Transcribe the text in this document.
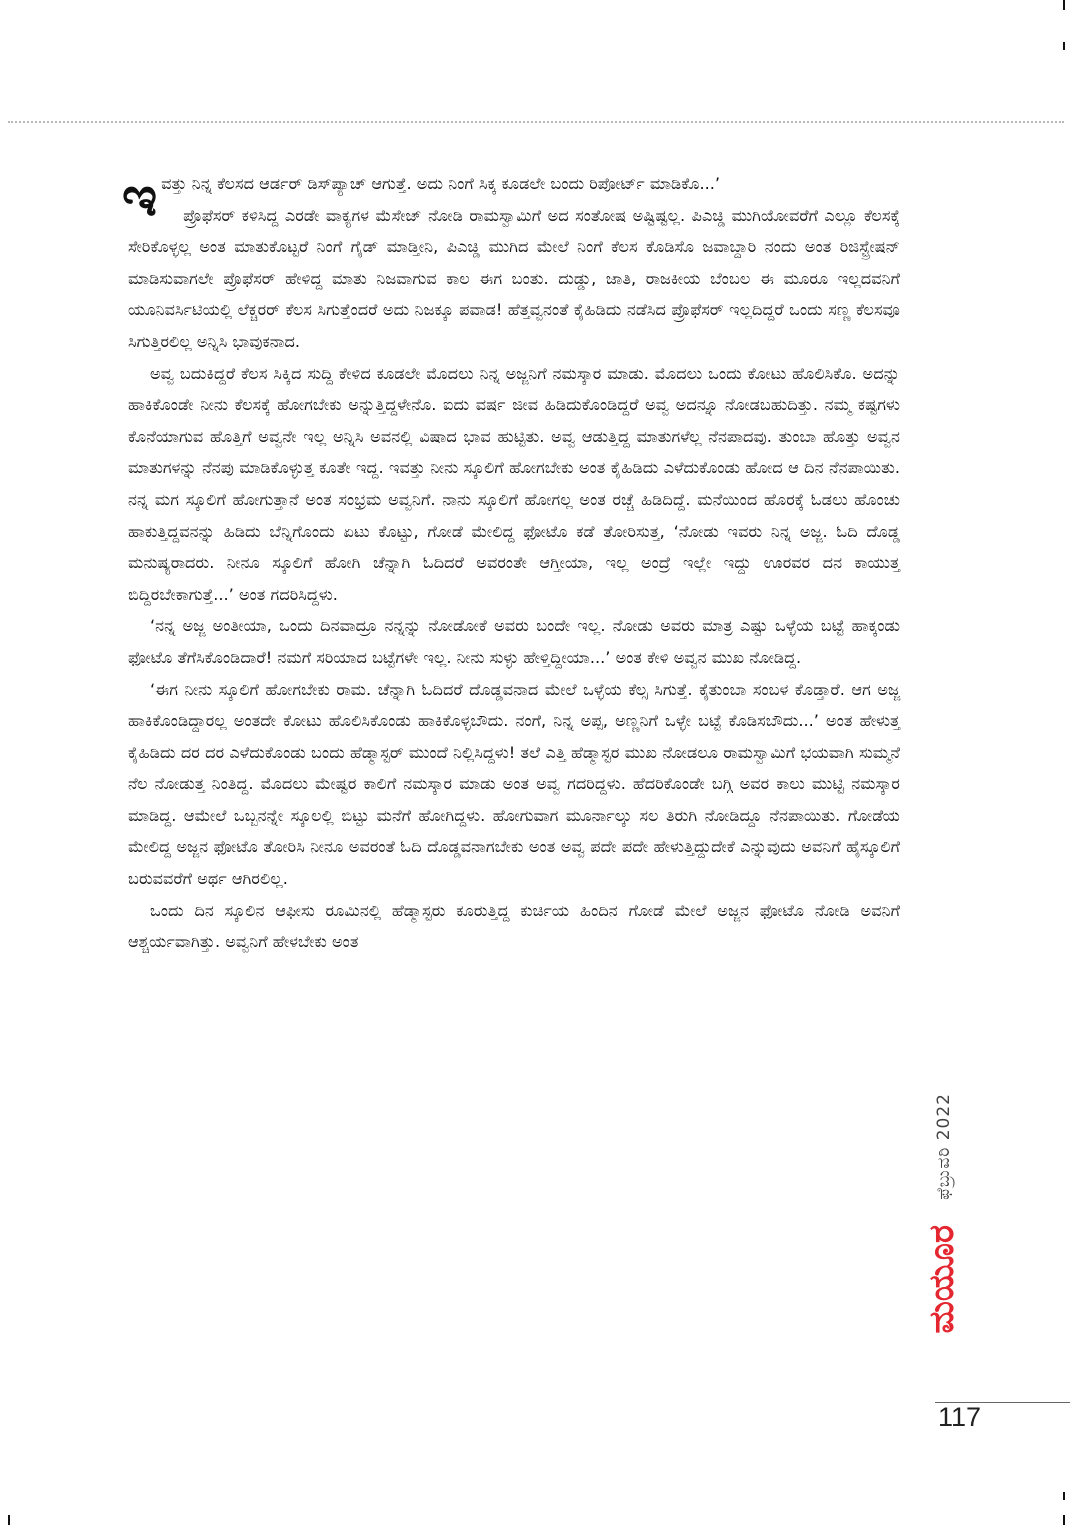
ಇವತ್ತು ನಿನ್ನ ಕೆಲಸದ ಆರ್ಡರ್ ಡಿಸ್‌ಪ್ಯಾಚ್ ಆಗುತ್ತೆ. ಅದು ನಿಂಗೆ ಸಿಕ್ಕ ಕೂಡಲೇ ಬಂದು ರಿಪೋರ್ಟ್ ಮಾಡಿಕೊ...’

ಪ್ರೊಫೆಸರ್ ಕಳಿಸಿದ್ದ ಎರಡೇ ವಾಕ್ಯಗಳ ಮೆಸೇಜ್ ನೋಡಿ ರಾಮಸ್ವಾಮಿಗೆ ಅದ ಸಂತೋಷ ಅಷ್ಟಿಷ್ಟಲ್ಲ. ಪಿಎಚ್ಡಿ ಮುಗಿಯೋವರೆಗೆ ಎಲ್ಲೂ ಕೆಲಸಕ್ಕೆ ಸೇರಿಕೊಳ್ಳಲ್ಲ ಅಂತ ಮಾತುಕೊಟ್ಟರೆ ನಿಂಗೆ ಗೈಡ್ ಮಾಡ್ತೀನಿ, ಪಿಎಚ್ಡಿ ಮುಗಿದ ಮೇಲೆ ನಿಂಗೆ ಕೆಲಸ ಕೊಡಿಸೊ ಜವಾಬ್ದಾರಿ ನಂದು ಅಂತ ರಿಜಿಸ್ಟ್ರೇಷನ್ ಮಾಡಿಸುವಾಗಲೇ ಪ್ರೊಫೆಸರ್ ಹೇಳಿದ್ದ ಮಾತು ನಿಜವಾಗುವ ಕಾಲ ಈಗ ಬಂತು. ದುಡ್ಡು, ಜಾತಿ, ರಾಜಕೀಯ ಬೆಂಬಲ ಈ ಮೂರೂ ಇಲ್ಲದವನಿಗೆ ಯೂನಿವರ್ಸಿಟಿಯಲ್ಲಿ ಲೆಕ್ಚರರ್ ಕೆಲಸ ಸಿಗುತ್ತೆಂದರೆ ಅದು ನಿಜಕ್ಕೂ ಪವಾಡ! ಹೆತ್ತವ್ವನಂತೆ ಕೈಹಿಡಿದು ನಡೆಸಿದ ಪ್ರೊಫೆಸರ್ ಇಲ್ಲದಿದ್ದರೆ ಒಂದು ಸಣ್ಣ ಕೆಲಸವೂ ಸಿಗುತ್ತಿರಲಿಲ್ಲ ಅನ್ನಿಸಿ ಭಾವುಕನಾದ.

ಅವ್ವ ಬದುಕಿದ್ದರೆ ಕೆಲಸ ಸಿಕ್ಕಿದ ಸುದ್ದಿ ಕೇಳಿದ ಕೂಡಲೇ ಮೊದಲು ನಿನ್ನ ಅಜ್ಜನಿಗೆ ನಮಸ್ಕಾರ ಮಾಡು. ಮೊದಲು ಒಂದು ಕೋಟು ಹೊಲಿಸಿಕೊ. ಅದನ್ನು ಹಾಕಿಕೊಂಡೇ ನೀನು ಕೆಲಸಕ್ಕೆ ಹೋಗಬೇಕು ಅನ್ನುತ್ತಿದ್ದಳೇನೊ. ಐದು ವರ್ಷ ಜೀವ ಹಿಡಿದುಕೊಂಡಿದ್ದರೆ ಅವ್ವ ಅದನ್ನೂ ನೋಡಬಹುದಿತ್ತು. ನಮ್ಮ ಕಷ್ಟಗಳು ಕೊನೆಯಾಗುವ ಹೊತ್ತಿಗೆ ಅವ್ವನೇ ಇಲ್ಲ ಅನ್ನಿಸಿ ಅವನಲ್ಲಿ ವಿಷಾದ ಭಾವ ಹುಟ್ಟಿತು. ಅವ್ವ ಆಡುತ್ತಿದ್ದ ಮಾತುಗಳೆಲ್ಲ ನೆನಪಾದವು. ತುಂಬಾ ಹೊತ್ತು ಅವ್ವನ ಮಾತುಗಳನ್ನು ನೆನಪು ಮಾಡಿಕೊಳ್ಳುತ್ತ ಕೂತೇ ಇದ್ದ. ಇವತ್ತು ನೀನು ಸ್ಕೂಲಿಗೆ ಹೋಗಬೇಕು ಅಂತ ಕೈಹಿಡಿದು ಎಳೆದುಕೊಂಡು ಹೋದ ಆ ದಿನ ನೆನಪಾಯಿತು. ನನ್ನ ಮಗ ಸ್ಕೂಲಿಗೆ ಹೋಗುತ್ತಾನೆ ಅಂತ ಸಂಭ್ರಮ ಅವ್ವನಿಗೆ. ನಾನು ಸ್ಕೂಲಿಗೆ ಹೋಗಲ್ಲ ಅಂತ ರಚ್ಚೆ ಹಿಡಿದಿದ್ದೆ. ಮನೆಯಿಂದ ಹೊರಕ್ಕೆ ಓಡಲು ಹೊಂಚು ಹಾಕುತ್ತಿದ್ದವನನ್ನು ಹಿಡಿದು ಬೆನ್ನಿಗೊಂದು ಏಟು ಕೊಟ್ಟು, ಗೋಡೆ ಮೇಲಿದ್ದ ಫೋಟೊ ಕಡೆ ತೋರಿಸುತ್ತ, ‘ನೋಡು ಇವರು ನಿನ್ನ ಅಜ್ಜ. ಓದಿ ದೊಡ್ಡ ಮನುಷ್ಯರಾದರು. ನೀನೂ ಸ್ಕೂಲಿಗೆ ಹೋಗಿ ಚೆನ್ನಾಗಿ ಓದಿದರೆ ಅವರಂತೇ ಆಗ್ತೀಯಾ, ಇಲ್ಲ ಅಂದ್ರೆ ಇಲ್ಲೇ ಇದ್ದು ಊರವರ ದನ ಕಾಯುತ್ತ ಬಿದ್ದಿರಬೇಕಾಗುತ್ತೆ...’ ಅಂತ ಗದರಿಸಿದ್ದಳು.

‘ನನ್ನ ಅಜ್ಜ ಅಂತೀಯಾ, ಒಂದು ದಿನವಾದ್ರೂ ನನ್ನನ್ನು ನೋಡೋಕೆ ಅವರು ಬಂದೇ ಇಲ್ಲ. ನೋಡು ಅವರು ಮಾತ್ರ ಎಷ್ಟು ಒಳ್ಳೆಯ ಬಟ್ಟೆ ಹಾಕ್ಕಂಡು ಫೋಟೊ ತೆಗೆಸಿಕೊಂಡಿದಾರೆ! ನಮಗೆ ಸರಿಯಾದ ಬಟ್ಟೆಗಳೇ ಇಲ್ಲ. ನೀನು ಸುಳ್ಳು ಹೇಳ್ತಿದ್ದೀಯಾ...’ ಅಂತ ಕೇಳಿ ಅವ್ವನ ಮುಖ ನೋಡಿದ್ದ.

‘ಈಗ ನೀನು ಸ್ಕೂಲಿಗೆ ಹೋಗಬೇಕು ರಾಮ. ಚೆನ್ನಾಗಿ ಓದಿದರೆ ದೊಡ್ಡವನಾದ ಮೇಲೆ ಒಳ್ಳೆಯ ಕೆಲ್ಸ ಸಿಗುತ್ತೆ. ಕೈತುಂಬಾ ಸಂಬಳ ಕೊಡ್ತಾರೆ. ಆಗ ಅಜ್ಜ ಹಾಕಿಕೊಂಡಿದ್ದಾರಲ್ಲ ಅಂತದೇ ಕೋಟು ಹೊಲಿಸಿಕೊಂಡು ಹಾಕಿಕೊಳ್ಳಬೌದು. ನಂಗೆ, ನಿನ್ನ ಅಪ್ಪ, ಅಣ್ಣನಿಗೆ ಒಳ್ಳೇ ಬಟ್ಟೆ ಕೊಡಿಸಬೌದು...’ ಅಂತ ಹೇಳುತ್ತ ಕೈಹಿಡಿದು ದರ ದರ ಎಳೆದುಕೊಂಡು ಬಂದು ಹೆಡ್ಮಾಸ್ಟರ್ ಮುಂದೆ ನಿಲ್ಲಿಸಿದ್ದಳು! ತಲೆ ಎತ್ತಿ ಹೆಡ್ಮಾಸ್ಟರ ಮುಖ ನೋಡಲೂ ರಾಮಸ್ವಾಮಿಗೆ ಭಯವಾಗಿ ಸುಮ್ಮನೆ ನೆಲ ನೋಡುತ್ತ ನಿಂತಿದ್ದ. ಮೊದಲು ಮೇಷ್ಟರ ಕಾಲಿಗೆ ನಮಸ್ಕಾರ ಮಾಡು ಅಂತ ಅವ್ವ ಗದರಿದ್ದಳು. ಹೆದರಿಕೊಂಡೇ ಬಗ್ಗಿ ಅವರ ಕಾಲು ಮುಟ್ಟಿ ನಮಸ್ಕಾರ ಮಾಡಿದ್ದ. ಆಮೇಲೆ ಒಬ್ಬನನ್ನೇ ಸ್ಕೂಲಲ್ಲಿ ಬಿಟ್ಟು ಮನೆಗೆ ಹೋಗಿದ್ದಳು. ಹೋಗುವಾಗ ಮೂರ್ನಾಲ್ಕು ಸಲ ತಿರುಗಿ ನೋಡಿದ್ದೂ ನೆನಪಾಯಿತು. ಗೋಡೆಯ ಮೇಲಿದ್ದ ಅಜ್ಜನ ಫೋಟೊ ತೋರಿಸಿ ನೀನೂ ಅವರಂತೆ ಓದಿ ದೊಡ್ಡವನಾಗಬೇಕು ಅಂತ ಅವ್ವ ಪದೇ ಪದೇ ಹೇಳುತ್ತಿದ್ದುದೇಕೆ ಎನ್ನುವುದು ಅವನಿಗೆ ಹೈಸ್ಕೂಲಿಗೆ ಬರುವವರೆಗೆ ಅರ್ಥ ಆಗಿರಲಿಲ್ಲ.

ಒಂದು ದಿನ ಸ್ಕೂಲಿನ ಆಫೀಸು ರೂಮಿನಲ್ಲಿ ಹೆಡ್ಮಾಸ್ಟರು ಕೂರುತ್ತಿದ್ದ ಕುರ್ಚಿಯ ಹಿಂದಿನ ಗೋಡೆ ಮೇಲೆ ಅಜ್ಜನ ಫೋಟೊ ನೋಡಿ ಅವನಿಗೆ ಆಶ್ಚರ್ಯವಾಗಿತ್ತು. ಅವ್ವನಿಗೆ ಹೇಳಬೇಕು ಅಂತ

ಫೆಬ್ರುವರಿ 2022
ಮಯೂರ
117
